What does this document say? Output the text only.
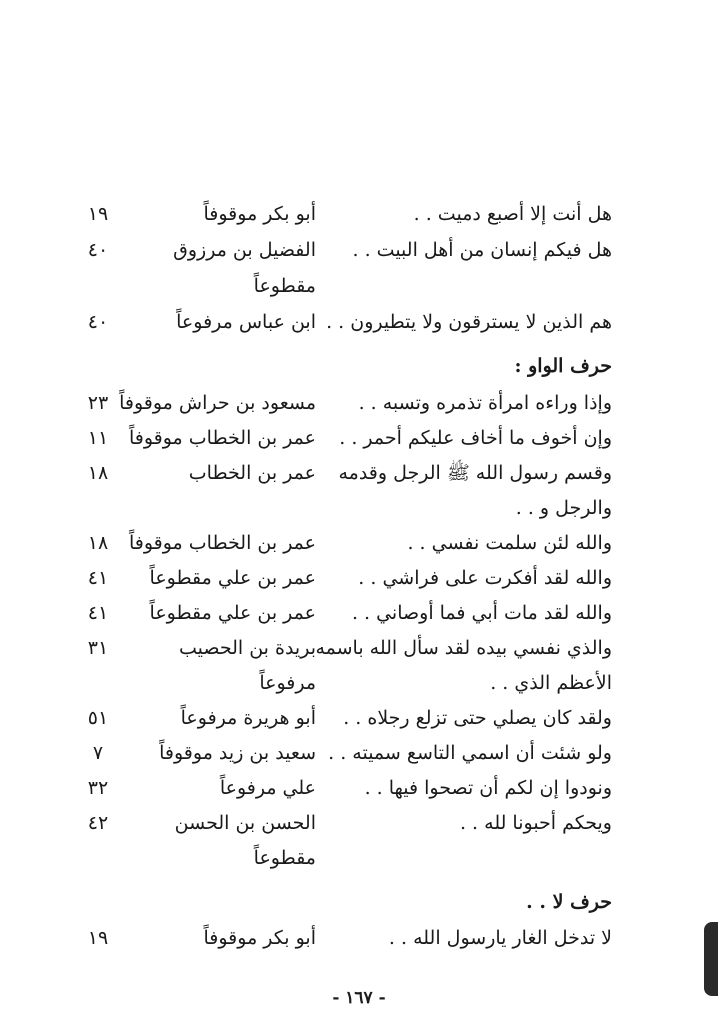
هل أنت إلا أصبع دميت . .
أبو بكر موقوفاً
١٩
هل فيكم إنسان من أهل البيت . .
الفضيل بن مرزوق
٤٠
مقطوعاً
هم الذين لا يسترقون ولا يتطيرون . .
ابن عباس مرفوعاً
٤٠
حرف الواو :
وإذا وراءه امرأة تذمره وتسبه . .
مسعود بن حراش موقوفاً
٢٣
وإن أخوف ما أخاف عليكم أحمر . .
عمر بن الخطاب موقوفاً
١١
وقسم رسول الله ﷺ الرجل وقدمه
عمر بن الخطاب
١٨
والرجل و . .
والله لئن سلمت نفسي . .
عمر بن الخطاب موقوفاً
١٨
والله لقد أفكرت على فراشي . .
عمر بن علي مقطوعاً
٤١
والله لقد مات أبي فما أوصاني . .
عمر بن علي مقطوعاً
٤١
والذي نفسي بيده لقد سأل الله باسمه
بريدة بن الحصيب
٣١
الأعظم الذي . .
مرفوعاً
ولقد كان يصلي حتى تزلع رجلاه . .
أبو هريرة مرفوعاً
٥١
ولو شئت أن اسمي التاسع سميته . .
سعيد بن زيد موقوفاً
٧
ونودوا إن لكم أن تصحوا فيها . .
علي مرفوعاً
٣٢
ويحكم أحبونا لله . .
الحسن بن الحسن
٤٢
مقطوعاً
حرف لا . .
لا تدخل الغار يارسول الله . .
أبو بكر موقوفاً
١٩
- ١٦٧ -
